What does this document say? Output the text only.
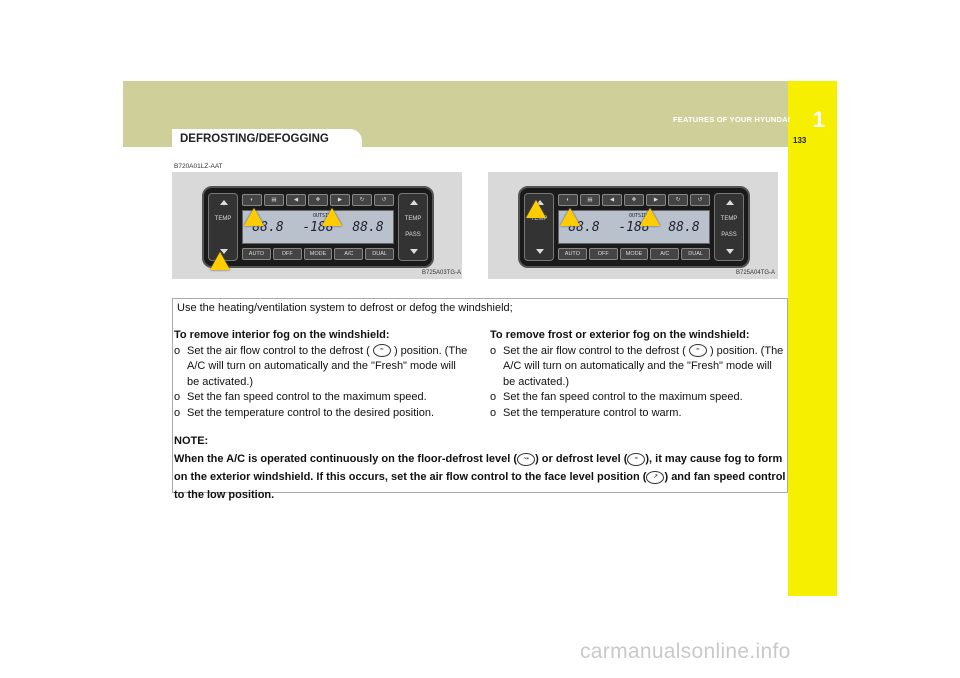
1
FEATURES OF YOUR HYUNDAI
133
DEFROSTING/DEFOGGING
B720A01LZ-AAT
TEMP
◐	▤	◀	❖	▶	↻	↺
OUTSIDE
88.8 -188 88.8
AUTO	OFF	MODE	A/C	DUAL
TEMP
PASS
B725A03TG-A
TEMP
◐	▤	◀	❖	▶	↻	↺
OUTSIDE
88.8 -188 88.8
AUTO	OFF	MODE	A/C	DUAL
TEMP
PASS
B725A04TG-A
Use the heating/ventilation system to defrost or defog the windshield;
To remove interior fog on the windshield:
o Set the air flow control to the defrost ( ≈ ) position. (The A/C will turn on automatically and the "Fresh" mode will be activated.)
o Set the fan speed control to the maximum speed.
o Set the temperature control to the desired position.
To remove frost or exterior fog on the windshield:
o Set the air flow control to the defrost ( ≈ ) position. (The A/C will turn on automatically and the "Fresh" mode will be activated.)
o Set the fan speed control to the maximum speed.
o Set the temperature control to warm.
NOTE:
When the A/C is operated continuously on the floor-defrost level ( ↝ ) or defrost level ( ≈ ), it may cause fog to form on the exterior windshield. If this occurs, set the air flow control to the face level position ( ↗ ) and fan speed control to the low position.
carmanualsonline.info
